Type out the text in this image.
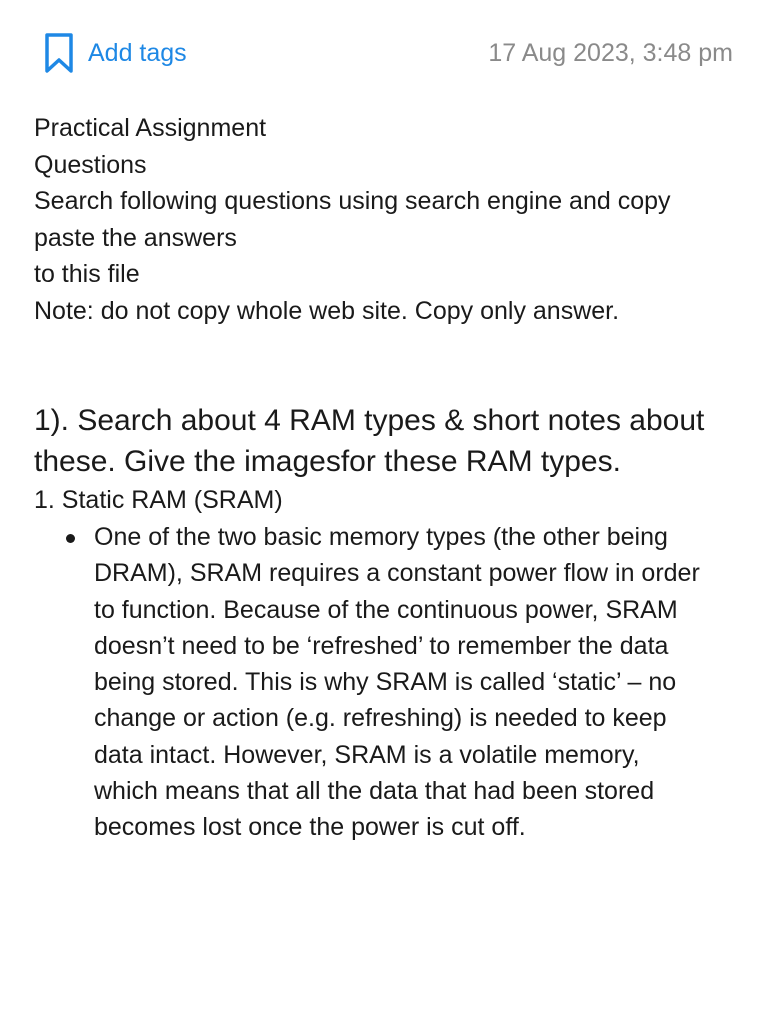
Add tags	17 Aug 2023, 3:48 pm
Practical Assignment
Questions
Search following questions using search engine and copy
paste the answers
to this file
Note: do not copy whole web site. Copy only answer.
1). Search about 4 RAM types & short notes about
these. Give the imagesfor these RAM types.
1. Static RAM (SRAM)
One of the two basic memory types (the other being
DRAM), SRAM requires a constant power flow in order
to function. Because of the continuous power, SRAM
doesn’t need to be ‘refreshed’ to remember the data
being stored. This is why SRAM is called ‘static’ – no
change or action (e.g. refreshing) is needed to keep
data intact. However, SRAM is a volatile memory,
which means that all the data that had been stored
becomes lost once the power is cut off.
